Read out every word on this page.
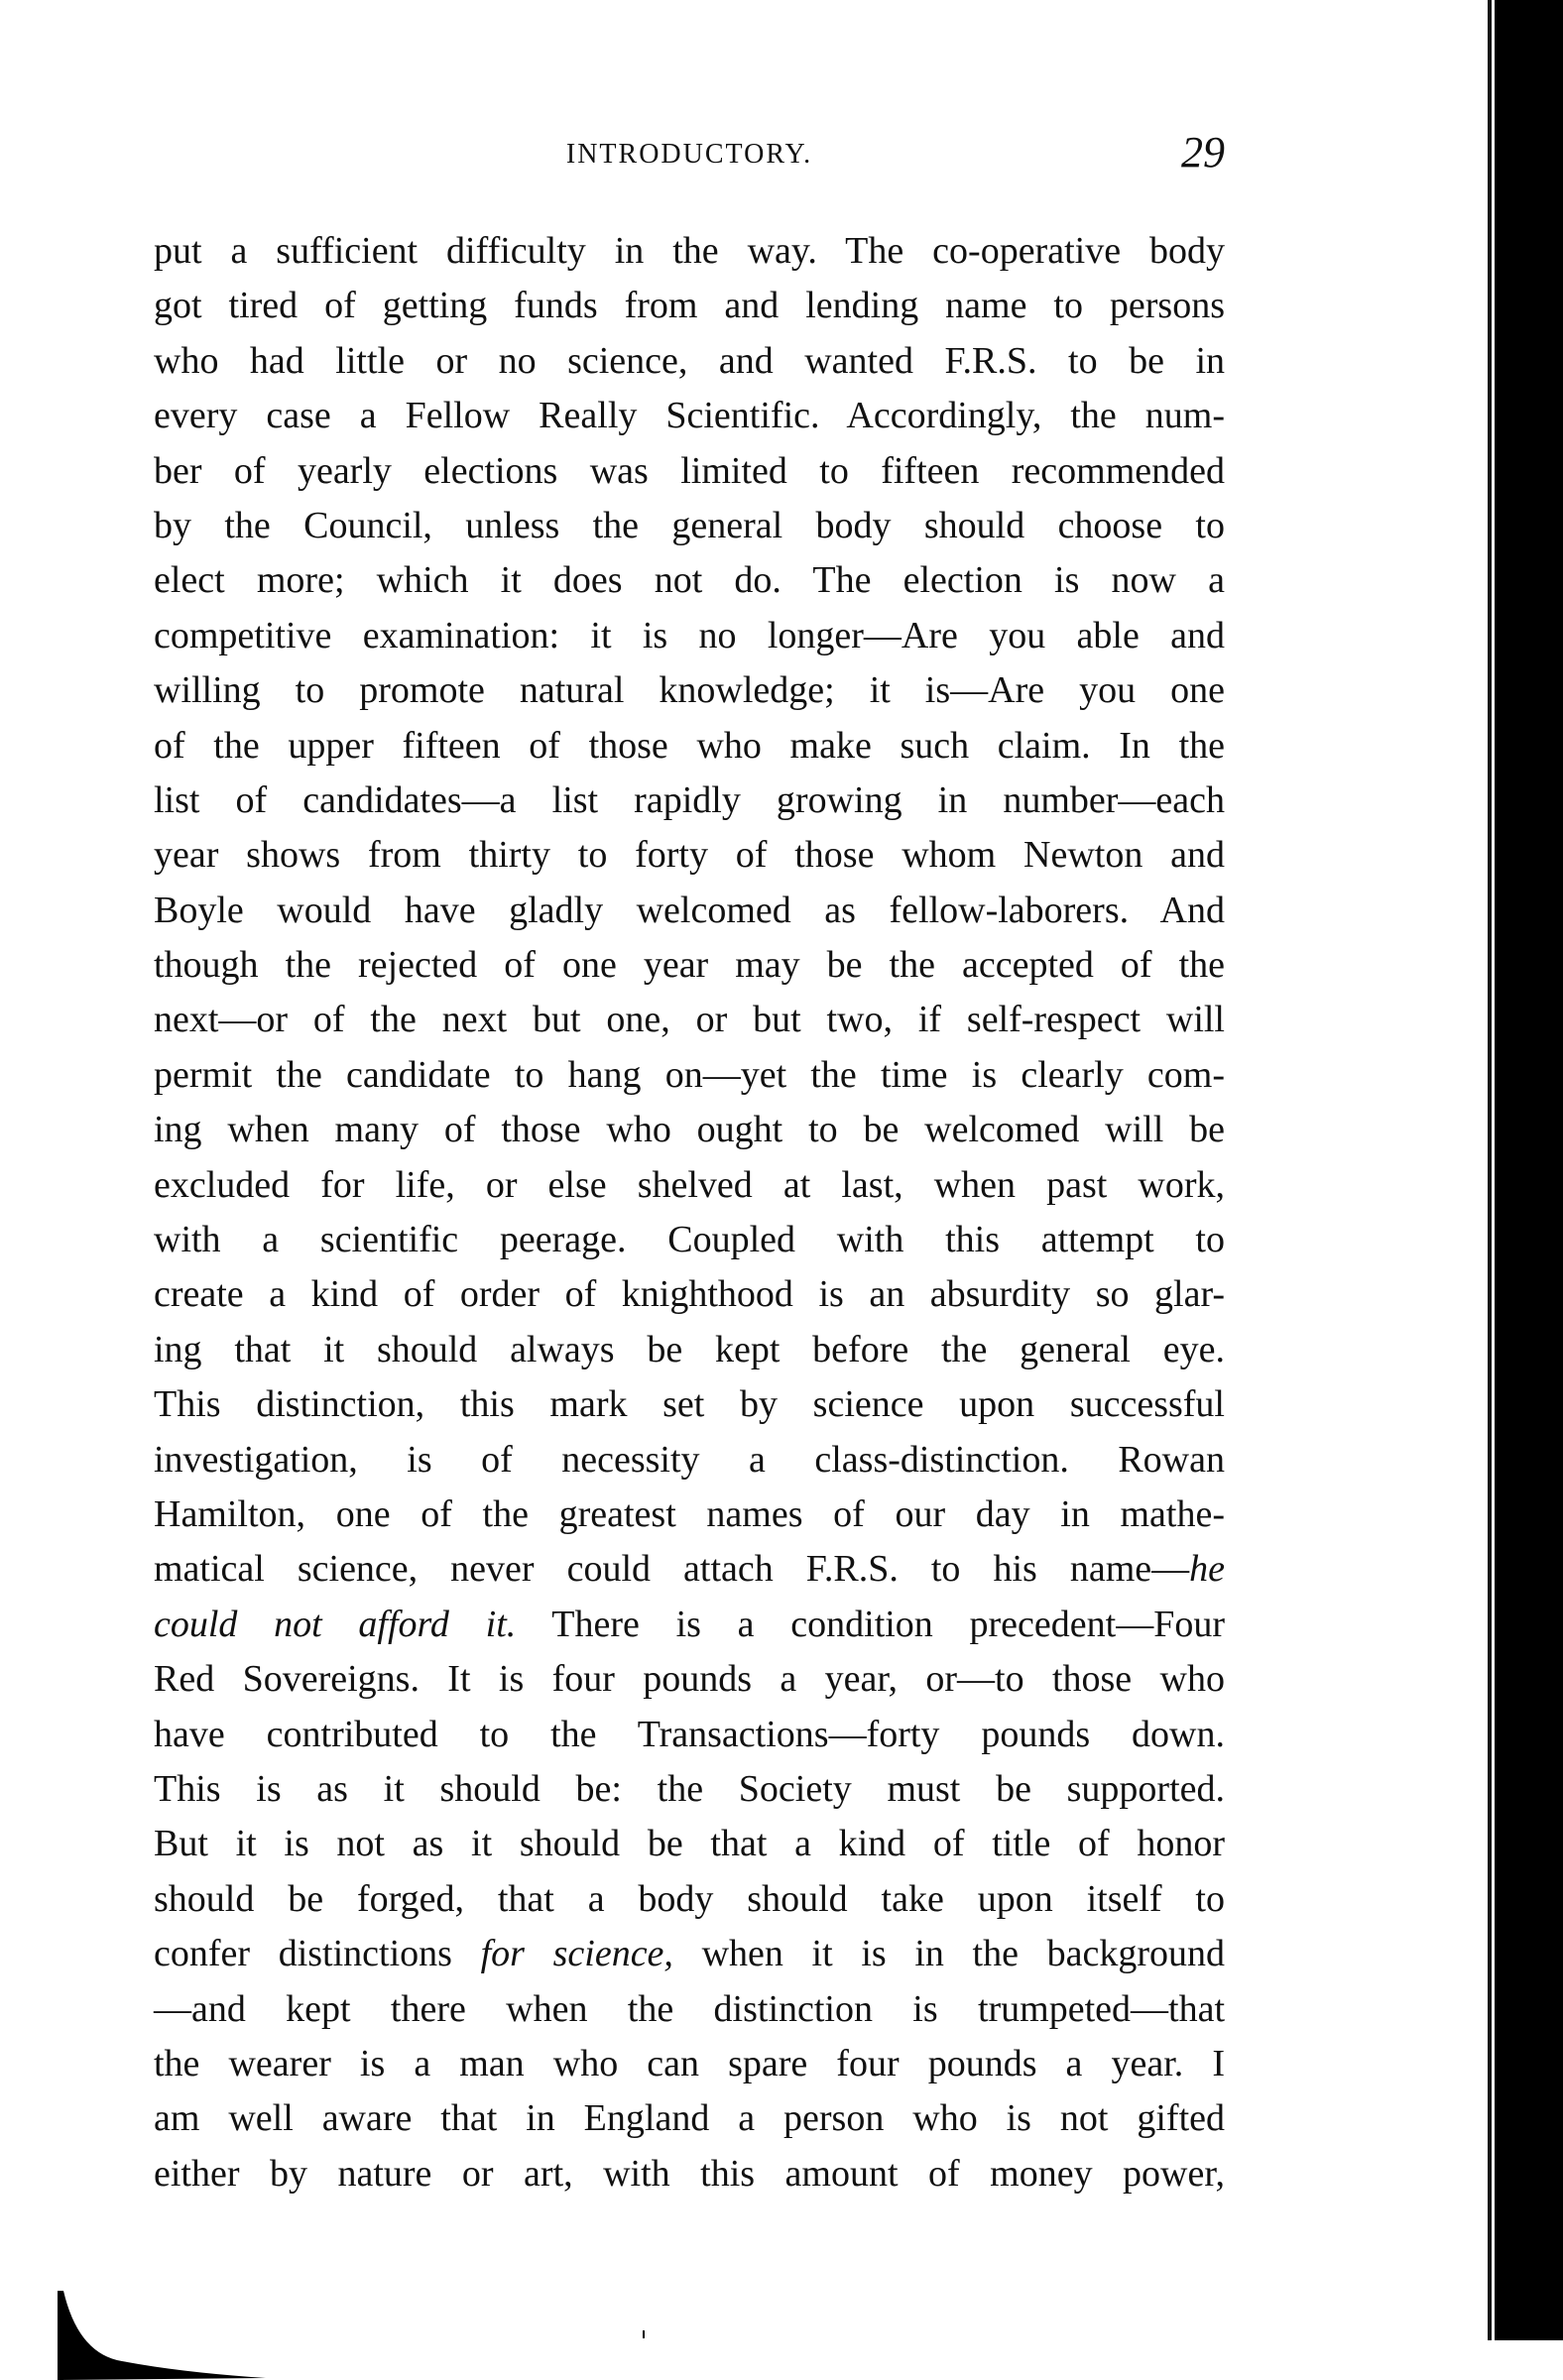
INTRODUCTORY.	29
put a sufficient difficulty in the way. The co-operative body
got tired of getting funds from and lending name to persons
who had little or no science, and wanted F.R.S. to be in
every case a Fellow Really Scientific. Accordingly, the num-
ber of yearly elections was limited to fifteen recommended
by the Council, unless the general body should choose to
elect more; which it does not do. The election is now a
competitive examination: it is no longer—Are you able and
willing to promote natural knowledge; it is—Are you one
of the upper fifteen of those who make such claim. In the
list of candidates—a list rapidly growing in number—each
year shows from thirty to forty of those whom Newton and
Boyle would have gladly welcomed as fellow-laborers. And
though the rejected of one year may be the accepted of the
next—or of the next but one, or but two, if self-respect will
permit the candidate to hang on—yet the time is clearly com-
ing when many of those who ought to be welcomed will be
excluded for life, or else shelved at last, when past work,
with a scientific peerage. Coupled with this attempt to
create a kind of order of knighthood is an absurdity so glar-
ing that it should always be kept before the general eye.
This distinction, this mark set by science upon successful
investigation, is of necessity a class-distinction. Rowan
Hamilton, one of the greatest names of our day in mathe-
matical science, never could attach F.R.S. to his name—he
could not afford it. There is a condition precedent—Four
Red Sovereigns. It is four pounds a year, or—to those who
have contributed to the Transactions—forty pounds down.
This is as it should be: the Society must be supported.
But it is not as it should be that a kind of title of honor
should be forged, that a body should take upon itself to
confer distinctions for science, when it is in the background
—and kept there when the distinction is trumpeted—that
the wearer is a man who can spare four pounds a year. I
am well aware that in England a person who is not gifted
either by nature or art, with this amount of money power,
